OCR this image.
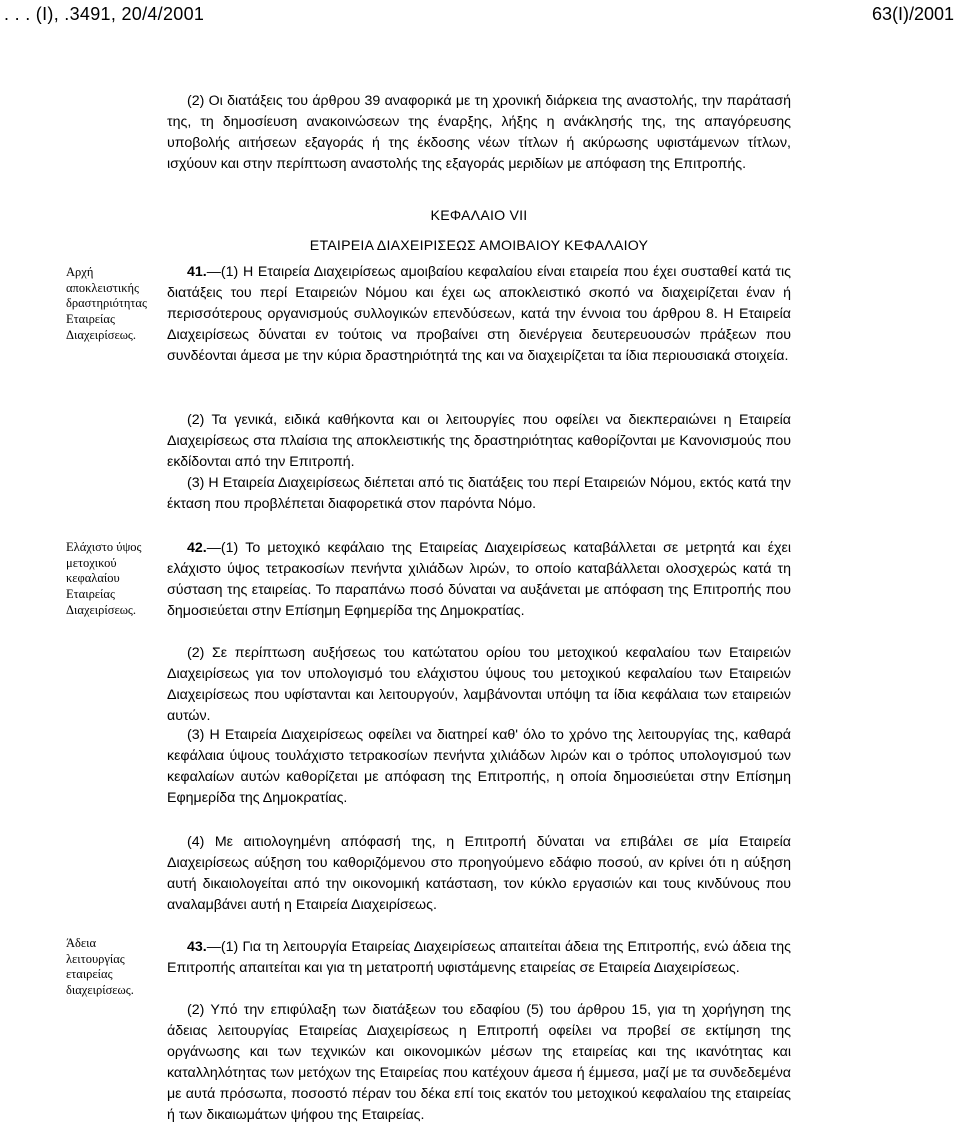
. . . (I), .3491, 20/4/2001	63(I)/2001

(2) Οι διατάξεις του άρθρου 39 αναφορικά με τη χρονική διάρκεια της αναστολής, την παράτασή της, τη δημοσίευση ανακοινώσεων της έναρξης, λήξης η ανάκλησής της, της απαγόρευσης υποβολής αιτήσεων εξαγοράς ή της έκδοσης νέων τίτλων ή ακύρωσης υφιστάμενων τίτλων, ισχύουν και στην περίπτωση αναστολής της εξαγοράς μεριδίων με απόφαση της Επιτροπής.

ΚΕΦΑΛΑΙΟ VII

ΕΤΑΙΡΕΙΑ ΔΙΑΧΕΙΡΙΣΕΩΣ ΑΜΟΙΒΑΙΟΥ ΚΕΦΑΛΑΙΟΥ

Αρχή
αποκλειστικής
δραστηριότητας
Εταιρείας
Διαχειρίσεως.

41.—(1) Η Εταιρεία Διαχειρίσεως αμοιβαίου κεφαλαίου είναι εταιρεία που έχει συσταθεί κατά τις διατάξεις του περί Εταιρειών Νόμου και έχει ως αποκλειστικό σκοπό να διαχειρίζεται έναν ή περισσότερους οργανισμούς συλλογικών επενδύσεων, κατά την έννοια του άρθρου 8. Η Εταιρεία Διαχειρίσεως δύναται εν τούτοις να προβαίνει στη διενέργεια δευτερευουσών πράξεων που συνδέονται άμεσα με την κύρια δραστηριότητά της και να διαχειρίζεται τα ίδια περιουσιακά στοιχεία.

(2) Τα γενικά, ειδικά καθήκοντα και οι λειτουργίες που οφείλει να διεκπεραιώνει η Εταιρεία Διαχειρίσεως στα πλαίσια της αποκλειστικής της δραστηριότητας καθορίζονται με Κανονισμούς που εκδίδονται από την Επιτροπή.

(3) Η Εταιρεία Διαχειρίσεως διέπεται από τις διατάξεις του περί Εταιρειών Νόμου, εκτός κατά την έκταση που προβλέπεται διαφορετικά στον παρόντα Νόμο.

Ελάχιστο ύψος
μετοχικού
κεφαλαίου
Εταιρείας
Διαχειρίσεως.

42.—(1) Το μετοχικό κεφάλαιο της Εταιρείας Διαχειρίσεως καταβάλλεται σε μετρητά και έχει ελάχιστο ύψος τετρακοσίων πενήντα χιλιάδων λιρών, το οποίο καταβάλλεται ολοσχερώς κατά τη σύσταση της εταιρείας. Το παραπάνω ποσό δύναται να αυξάνεται με απόφαση της Επιτροπής που δημοσιεύεται στην Επίσημη Εφημερίδα της Δημοκρατίας.

(2) Σε περίπτωση αυξήσεως του κατώτατου ορίου του μετοχικού κεφαλαίου των Εταιρειών Διαχειρίσεως για τον υπολογισμό του ελάχιστου ύψους του μετοχικού κεφαλαίου των Εταιρειών Διαχειρίσεως που υφίστανται και λειτουργούν, λαμβάνονται υπόψη τα ίδια κεφάλαια των εταιρειών αυτών.

(3) Η Εταιρεία Διαχειρίσεως οφείλει να διατηρεί καθ' όλο το χρόνο της λειτουργίας της, καθαρά κεφάλαια ύψους τουλάχιστο τετρακοσίων πενήντα χιλιάδων λιρών και ο τρόπος υπολογισμού των κεφαλαίων αυτών καθορίζεται με απόφαση της Επιτροπής, η οποία δημοσιεύεται στην Επίσημη Εφημερίδα της Δημοκρατίας.

(4) Με αιτιολογημένη απόφασή της, η Επιτροπή δύναται να επιβάλει σε μία Εταιρεία Διαχειρίσεως αύξηση του καθοριζόμενου στο προηγούμενο εδάφιο ποσού, αν κρίνει ότι η αύξηση αυτή δικαιολογείται από την οικονομική κατάσταση, τον κύκλο εργασιών και τους κινδύνους που αναλαμβάνει αυτή η Εταιρεία Διαχειρίσεως.

Άδεια
λειτουργίας
εταιρείας
διαχειρίσεως.

43.—(1) Για τη λειτουργία Εταιρείας Διαχειρίσεως απαιτείται άδεια της Επιτροπής, ενώ άδεια της Επιτροπής απαιτείται και για τη μετατροπή υφιστάμενης εταιρείας σε Εταιρεία Διαχειρίσεως.

(2) Υπό την επιφύλαξη των διατάξεων του εδαφίου (5) του άρθρου 15, για τη χορήγηση της άδειας λειτουργίας Εταιρείας Διαχειρίσεως η Επιτροπή οφείλει να προβεί σε εκτίμηση της οργάνωσης και των τεχνικών και οικονομικών μέσων της εταιρείας και της ικανότητας και καταλληλότητας των μετόχων της Εταιρείας που κατέχουν άμεσα ή έμμεσα, μαζί με τα συνδεδεμένα με αυτά πρόσωπα, ποσοστό πέραν του δέκα επί τοις εκατόν του μετοχικού κεφαλαίου της εταιρείας ή των δικαιωμάτων ψήφου της Εταιρείας.
